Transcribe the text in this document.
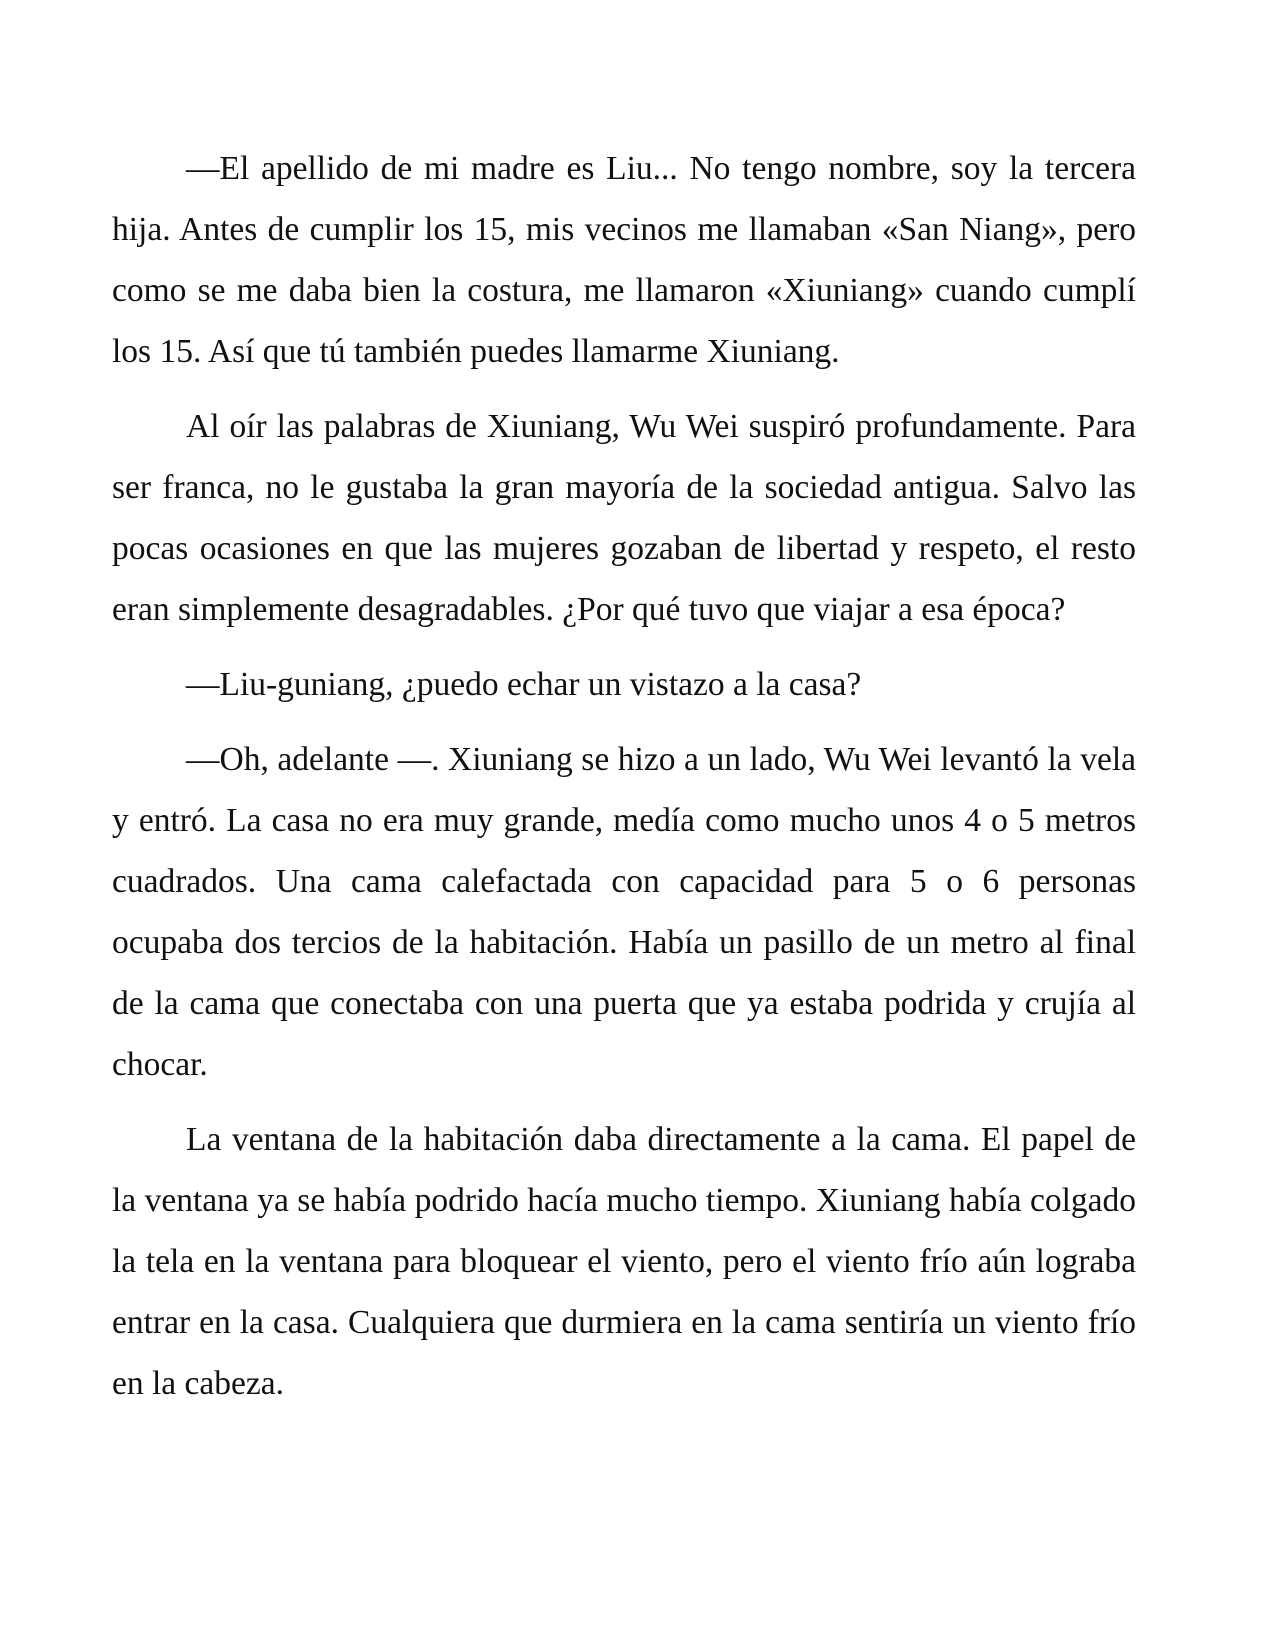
—El apellido de mi madre es Liu... No tengo nombre, soy la tercera hija. Antes de cumplir los 15, mis vecinos me llamaban «San Niang», pero como se me daba bien la costura, me llamaron «Xiuniang» cuando cumplí los 15. Así que tú también puedes llamarme Xiuniang.

Al oír las palabras de Xiuniang, Wu Wei suspiró profundamente. Para ser franca, no le gustaba la gran mayoría de la sociedad antigua. Salvo las pocas ocasiones en que las mujeres gozaban de libertad y respeto, el resto eran simplemente desagradables. ¿Por qué tuvo que viajar a esa época?

—Liu-guniang, ¿puedo echar un vistazo a la casa?

—Oh, adelante —. Xiuniang se hizo a un lado, Wu Wei levantó la vela y entró. La casa no era muy grande, medía como mucho unos 4 o 5 metros cuadrados. Una cama calefactada con capacidad para 5 o 6 personas ocupaba dos tercios de la habitación. Había un pasillo de un metro al final de la cama que conectaba con una puerta que ya estaba podrida y crujía al chocar.

La ventana de la habitación daba directamente a la cama. El papel de la ventana ya se había podrido hacía mucho tiempo. Xiuniang había colgado la tela en la ventana para bloquear el viento, pero el viento frío aún lograba entrar en la casa. Cualquiera que durmiera en la cama sentiría un viento frío en la cabeza.
